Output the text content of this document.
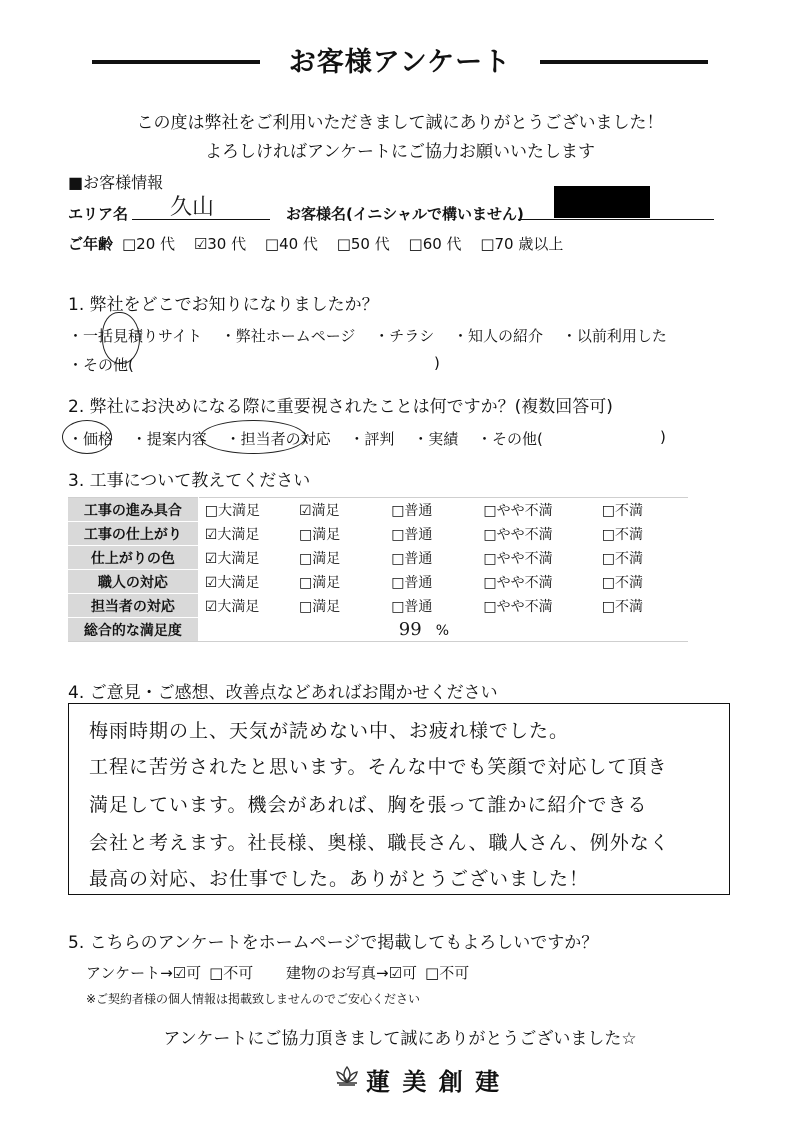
お客様アンケート
この度は弊社をご利用いただきまして誠にありがとうございました！
よろしければアンケートにご協力お願いいたします
■お客様情報
エリア名 久山	お客様名(イニシャルで構いません)
ご年齢 □20 代 ☑30 代 □40 代 □50 代 □60 代 □70 歳以上
1. 弊社をどこでお知りになりましたか？
・一括見積りサイト ・弊社ホームページ ・チラシ ・知人の紹介 ・以前利用した
・その他(	)
2. 弊社にお決めになる際に重要視されたことは何ですか？(複数回答可)
・価格 ・提案内容 ・担当者の対応 ・評判 ・実績 ・その他(	)
3. 工事について教えてください
工事の進み具合	□大満足	☑満足	□普通	□やや不満	□不満
工事の仕上がり	☑大満足	□満足	□普通	□やや不満	□不満
仕上がりの色	☑大満足	□満足	□普通	□やや不満	□不満
職人の対応	☑大満足	□満足	□普通	□やや不満	□不満
担当者の対応	☑大満足	□満足	□普通	□やや不満	□不満
総合的な満足度	99 %				
4. ご意見・ご感想、改善点などあればお聞かせください
梅雨時期の上、天気が読めない中、お疲れ様でした。
工程に苦労されたと思います。そんな中でも笑顔で対応して頂き
満足しています。機会があれば、胸を張って誰かに紹介できる
会社と考えます。社長様、奥様、職長さん、職人さん、例外なく
最高の対応、お仕事でした。ありがとうございました！
5. こちらのアンケートをホームページで掲載してもよろしいですか？
アンケート→☑可 □不可 建物のお写真→☑可 □不可
※ご契約者様の個人情報は掲載致しませんのでご安心ください
アンケートにご協力頂きまして誠にありがとうございました☆
蓮 美 創 建
